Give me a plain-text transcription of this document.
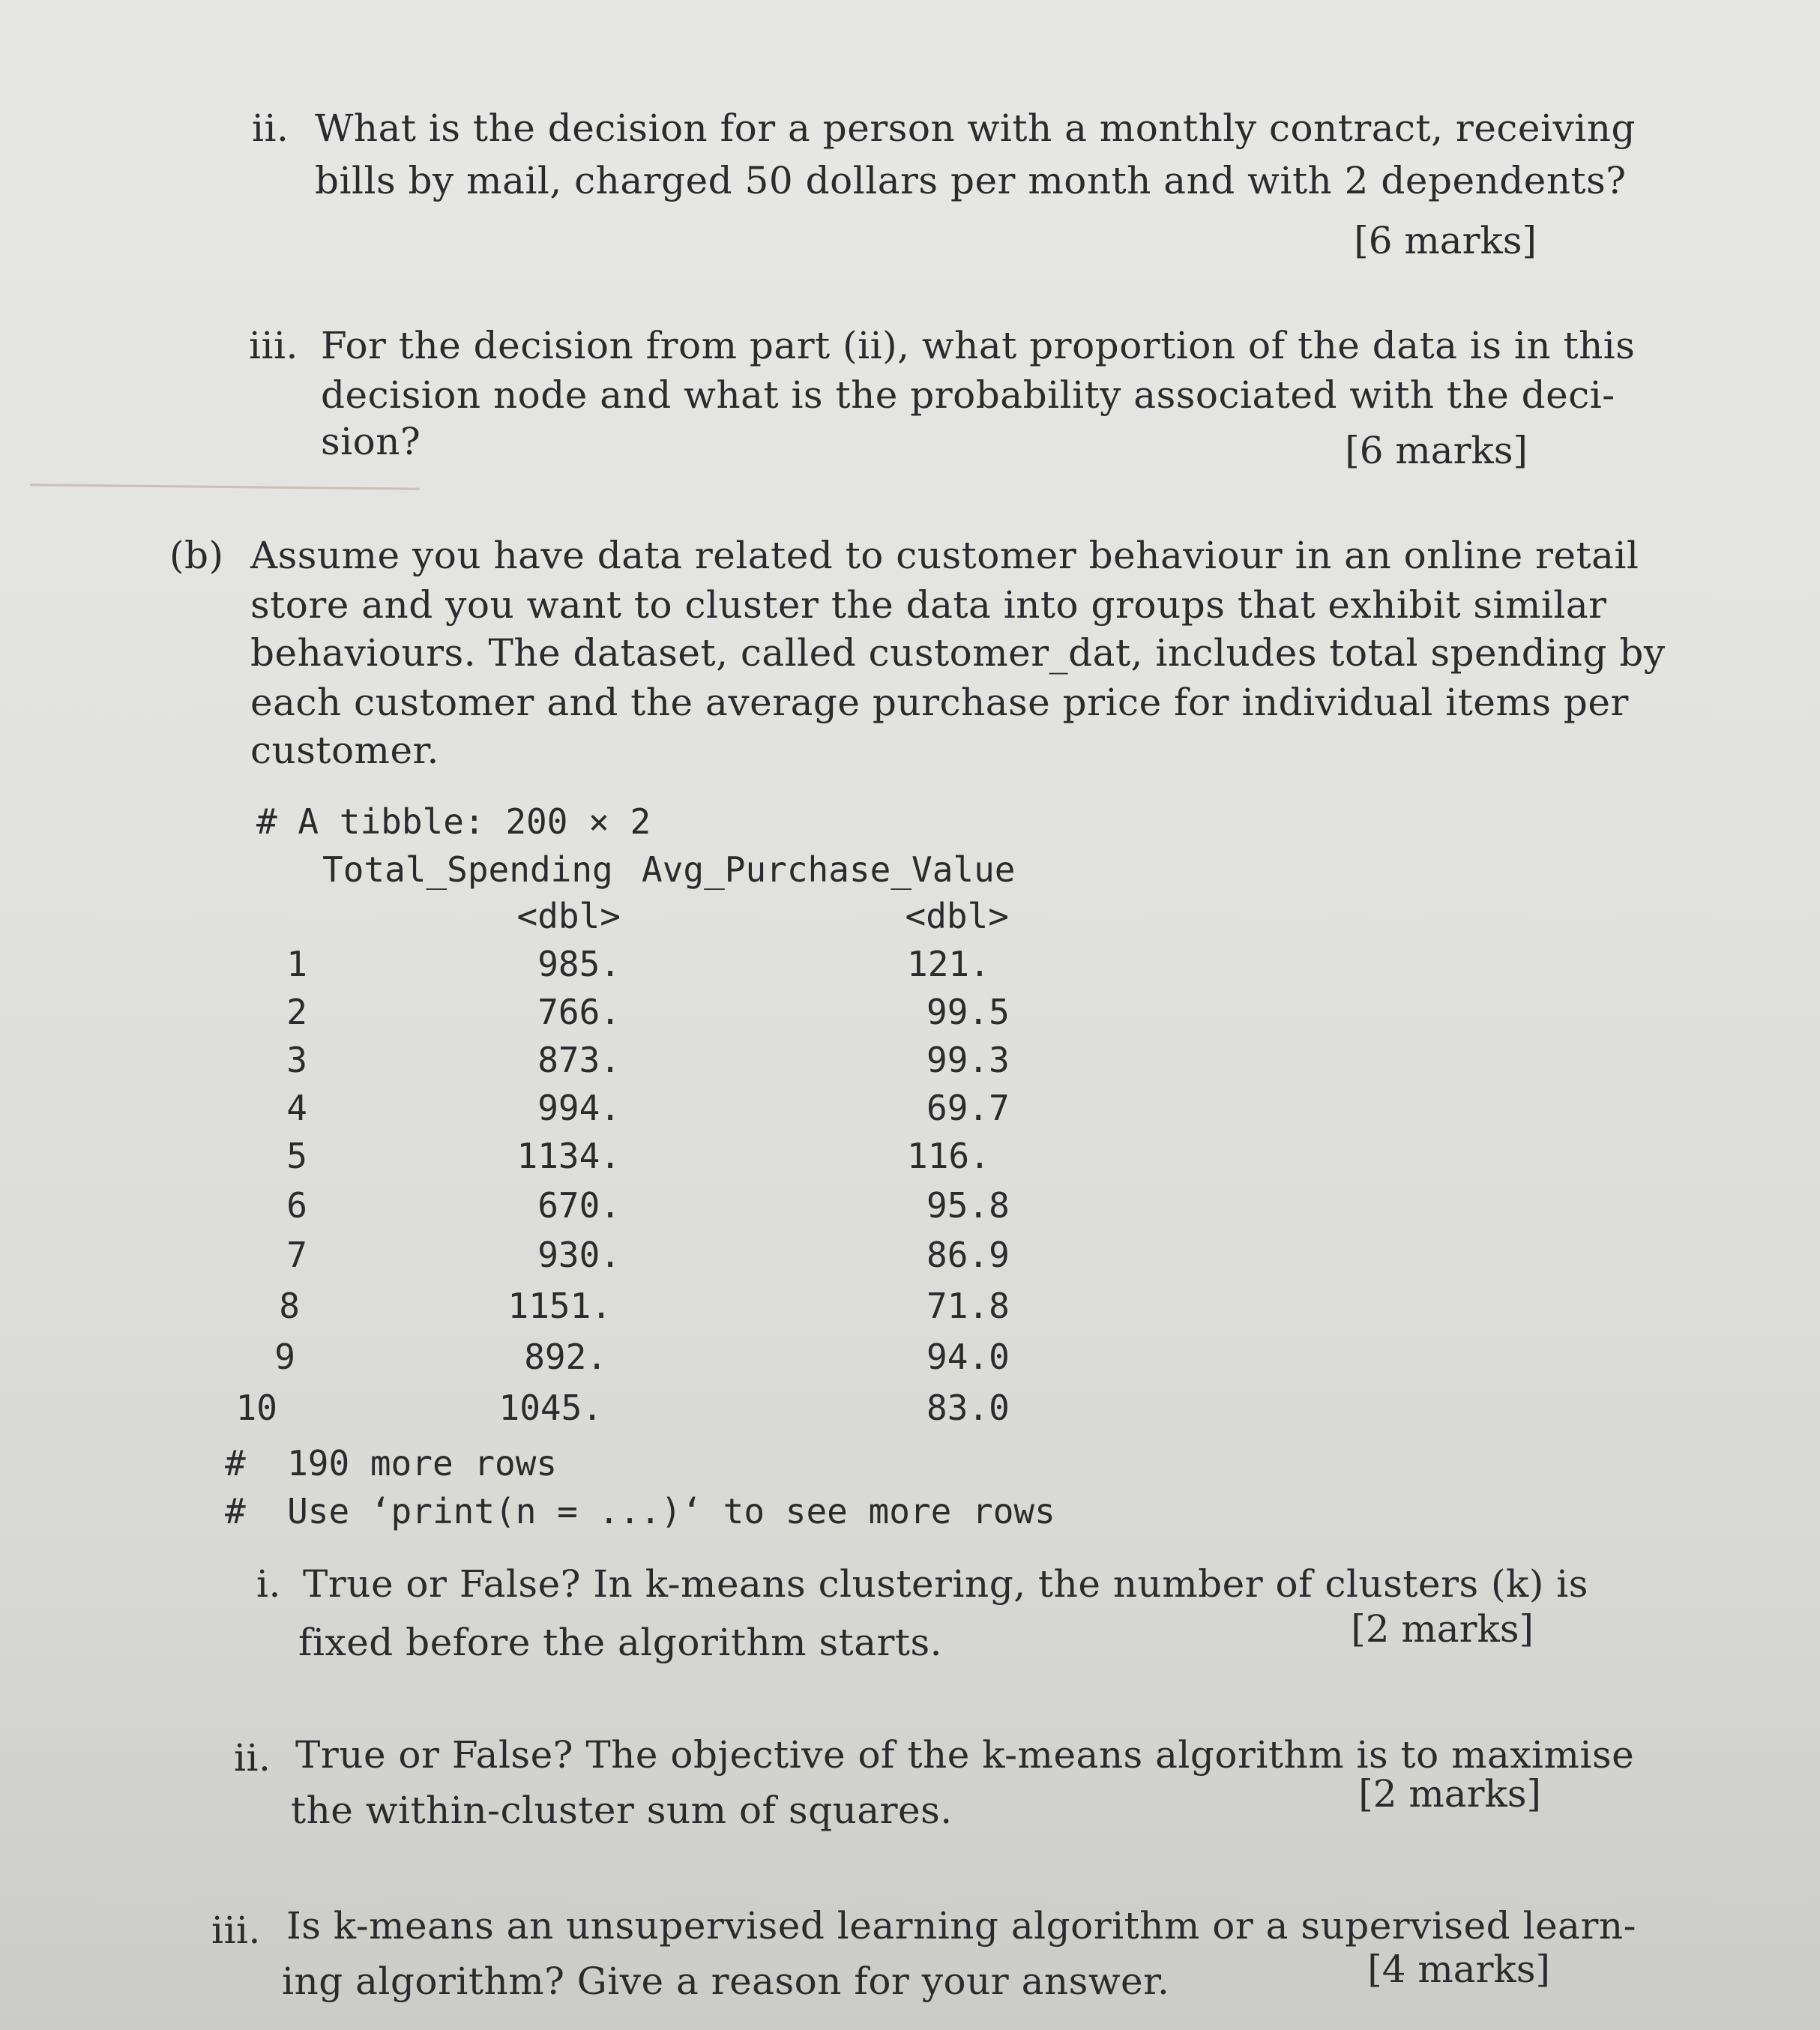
ii. What is the decision for a person with a monthly contract, receiving
bills by mail, charged 50 dollars per month and with 2 dependents?
[6 marks]
iii. For the decision from part (ii), what proportion of the data is in this
decision node and what is the probability associated with the deci-
sion?	[6 marks]
(b) Assume you have data related to customer behaviour in an online retail
store and you want to cluster the data into groups that exhibit similar
behaviours. The dataset, called customer_dat, includes total spending by
each customer and the average purchase price for individual items per
customer.
# A tibble: 200 × 2
Total_Spending Avg_Purchase_Value
<dbl>	<dbl>
1	985.	121.
2	766.	99.5
3	873.	99.3
4	994.	69.7
5	1134.	116.
6	670.	95.8
7	930.	86.9
8	1151.	71.8
9	892.	94.0
10	1045.	83.0
#  190 more rows
#  Use ‘print(n = ...)‘ to see more rows
i. True or False? In k-means clustering, the number of clusters (k) is
fixed before the algorithm starts.	[2 marks]
ii. True or False? The objective of the k-means algorithm is to maximise
the within-cluster sum of squares.	[2 marks]
iii. Is k-means an unsupervised learning algorithm or a supervised learn-
ing algorithm? Give a reason for your answer.	[4 marks]
